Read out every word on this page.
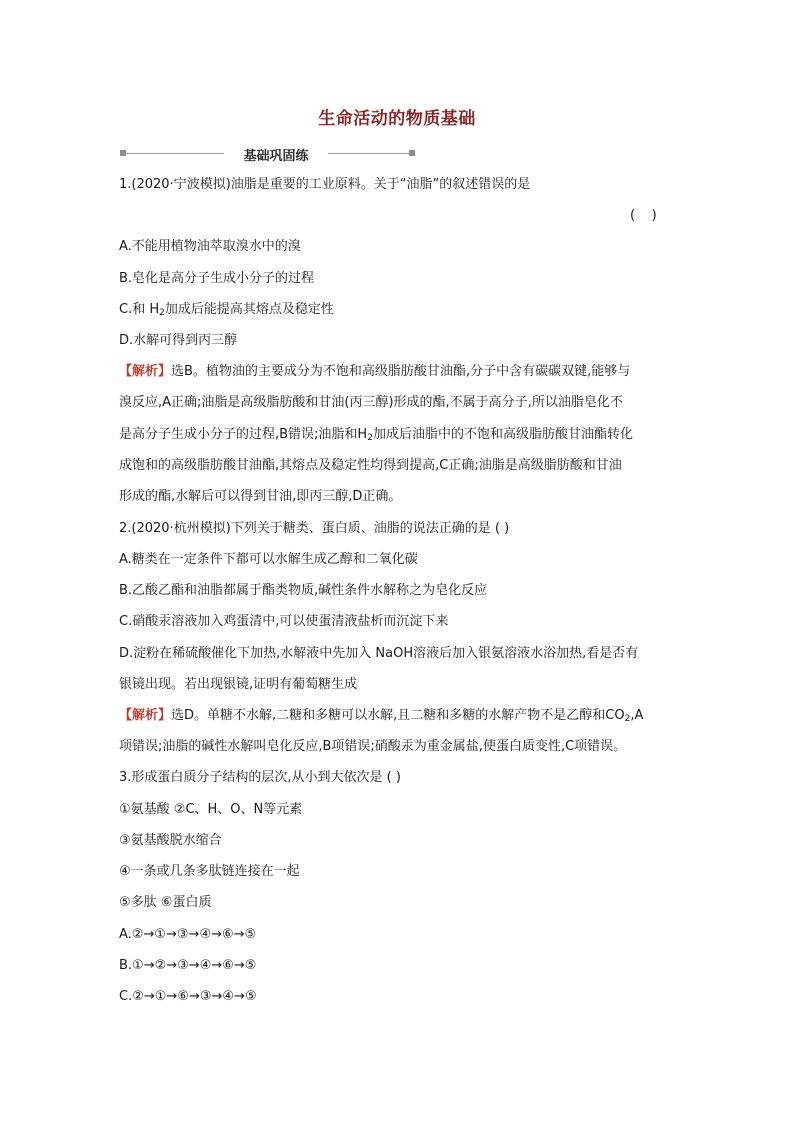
生命活动的物质基础
基础巩固练
1.(2020·宁波模拟)油脂是重要的工业原料。关于“油脂”的叙述错误的是
(    )
A.不能用植物油萃取溴水中的溴
B.皂化是高分子生成小分子的过程
C.和 $H_2$加成后能提高其熔点及稳定性
D.水解可得到丙三醇
【解析】选B。植物油的主要成分为不饱和高级脂肪酸甘油酯,分子中含有碳碳双键,能够与
溴反应,A正确;油脂是高级脂肪酸和甘油(丙三醇)形成的酯,不属于高分子,所以油脂皂化不
是高分子生成小分子的过程,B错误;油脂和$H_2$加成后油脂中的不饱和高级脂肪酸甘油酯转化
成饱和的高级脂肪酸甘油酯,其熔点及稳定性均得到提高,C正确;油脂是高级脂肪酸和甘油
形成的酯,水解后可以得到甘油,即丙三醇,D正确。
2.(2020·杭州模拟)下列关于糖类、蛋白质、油脂的说法正确的是 ( )
A.糖类在一定条件下都可以水解生成乙醇和二氧化碳
B.乙酸乙酯和油脂都属于酯类物质,碱性条件水解称之为皂化反应
C.硝酸汞溶液加入鸡蛋清中,可以使蛋清液盐析而沉淀下来
D.淀粉在稀硫酸催化下加热,水解液中先加入 NaOH溶液后加入银氨溶液水浴加热,看是否有
银镜出现。若出现银镜,证明有葡萄糖生成
【解析】选D。单糖不水解,二糖和多糖可以水解,且二糖和多糖的水解产物不是乙醇和$CO_2,A$
项错误;油脂的碱性水解叫皂化反应,B项错误;硝酸汞为重金属盐,使蛋白质变性,C项错误。
3.形成蛋白质分子结构的层次,从小到大依次是 ( )
①氨基酸 ②C、H、O、N等元素
③氨基酸脱水缩合
④一条或几条多肽链连接在一起
⑤多肽 ⑥蛋白质
A.②→①→③→④→⑥→⑤
B.①→②→③→④→⑥→⑤
C.②→①→⑥→③→④→⑤
